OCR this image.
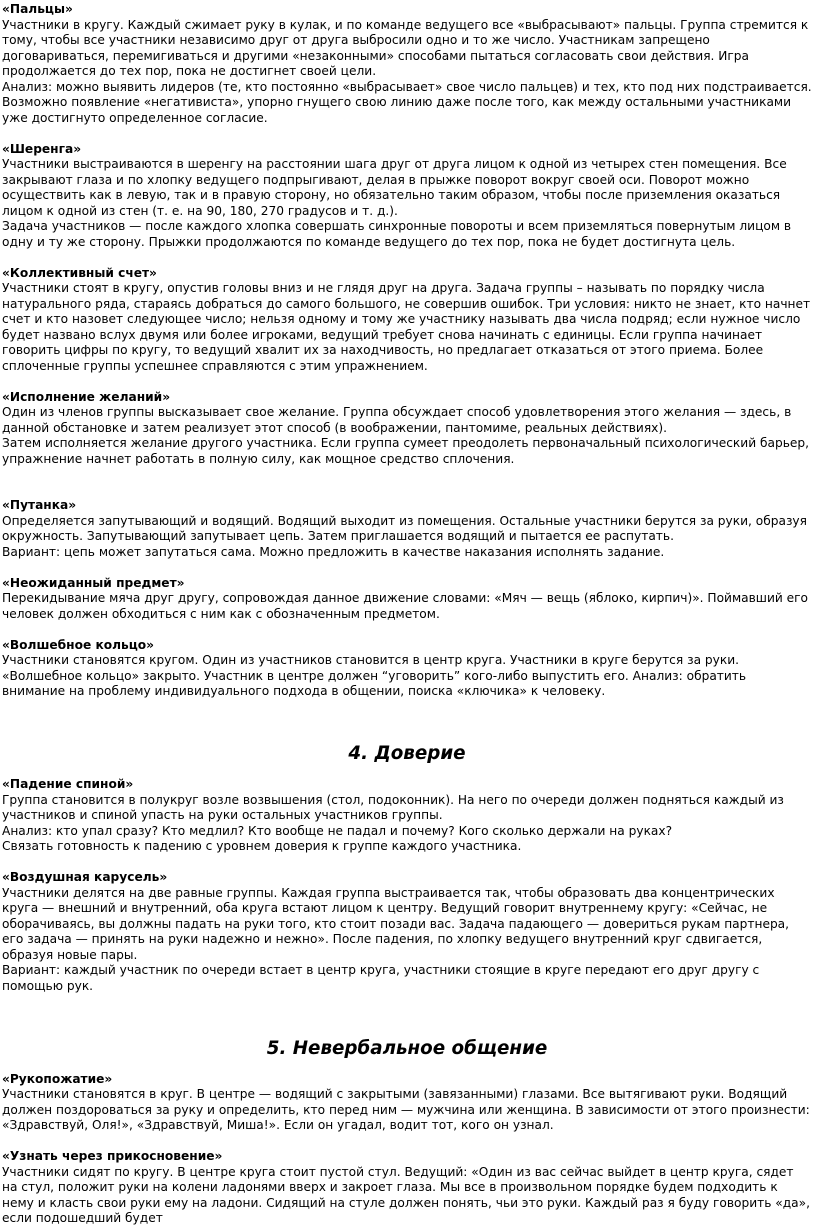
«Пальцы»

Участники в кругу. Каждый сжимает руку в кулак, и по команде ведущего все «выбрасывают» пальцы. Группа стремится к тому, чтобы все участники независимо друг от друга выбросили одно и то же число. Участникам запрещено договариваться, перемигиваться и другими «незаконными» способами пытаться согласовать свои действия. Игра продолжается до тех пор, пока не достигнет своей цели.

Анализ: можно выявить лидеров (те, кто постоянно «выбрасывает» свое число пальцев) и тех, кто под них подстраивается. Возможно появление «негативиста», упорно гнущего свою линию даже после того, как между остальными участниками уже достигнуто определенное согласие.

«Шеренга»

Участники выстраиваются в шеренгу на расстоянии шага друг от друга лицом к одной из четырех стен помещения. Все закрывают глаза и по хлопку ведущего подпрыгивают, делая в прыжке поворот вокруг своей оси. Поворот можно осуществить как в левую, так и в правую сторону, но обязательно таким образом, чтобы после приземления оказаться лицом к одной из стен (т. е. на 90, 180, 270 градусов и т. д.).

Задача участников — после каждого хлопка совершать синхронные повороты и всем приземляться повернутым лицом в одну и ту же сторону. Прыжки продолжаются по команде ведущего до тех пор, пока не будет достигнута цель.

«Коллективный счет»

Участники стоят в кругу, опустив головы вниз и не глядя друг на друга. Задача группы – называть по порядку числа натурального ряда, стараясь добраться до самого большого, не совершив ошибок. Три условия: никто не знает, кто начнет счет и кто назовет следующее число; нельзя одному и тому же участнику называть два числа подряд; если нужное число будет названо вслух двумя или более игроками, ведущий требует снова начинать с единицы. Если группа начинает говорить цифры по кругу, то ведущий хвалит их за находчивость, но предлагает отказаться от этого приема. Более сплоченные группы успешнее справляются с этим упражнением.

«Исполнение желаний»

Один из членов группы высказывает свое желание. Группа обсуждает способ удовлетворения этого желания — здесь, в данной обстановке и затем реализует этот способ (в воображении, пантомиме, реальных действиях).

Затем исполняется желание другого участника. Если группа сумеет преодолеть первоначальный психологический барьер, упражнение начнет работать в полную силу, как мощное средство сплочения.

«Путанка»

Определяется запутывающий и водящий. Водящий выходит из помещения. Остальные участники берутся за руки, образуя окружность. Запутывающий запутывает цепь. Затем приглашается водящий и пытается ее распутать.

Вариант: цепь может запутаться сама. Можно предложить в качестве наказания исполнять задание.

«Неожиданный предмет»

Перекидывание мяча друг другу, сопровождая данное движение словами: «Мяч — вещь (яблоко, кирпич)». Поймавший его человек должен обходиться с ним как с обозначенным предметом.

«Волшебное кольцо»

Участники становятся кругом. Один из участников становится в центр круга. Участники в круге берутся за руки. «Волшебное кольцо» закрыто. Участник в центре должен “уговорить” кого-либо выпустить его. Анализ: обратить внимание на проблему индивидуального подхода в общении, поиска «ключика» к человеку.

4. Доверие
«Падение спиной»

Группа становится в полукруг возле возвышения (стол, подоконник). На него по очереди должен подняться каждый из участников и спиной упасть на руки остальных участников группы.

Анализ: кто упал сразу? Кто медлил? Кто вообще не падал и почему? Кого сколько держали на руках?

Связать готовность к падению с уровнем доверия к группе каждого участника.

«Воздушная карусель»

Участники делятся на две равные группы. Каждая группа выстраивается так, чтобы образовать два концентрических круга — внешний и внутренний, оба круга встают лицом к центру. Ведущий говорит внутреннему кругу: «Сейчас, не оборачиваясь, вы должны падать на руки того, кто стоит позади вас. Задача падающего — довериться рукам партнера, его задача — принять на руки надежно и нежно». После падения, по хлопку ведущего внутренний круг сдвигается, образуя новые пары.

Вариант: каждый участник по очереди встает в центр круга, участники стоящие в круге передают его друг другу с помощью рук.

5. Невербальное общение
«Рукопожатие»

Участники становятся в круг. В центре — водящий с закрытыми (завязанными) глазами. Все вытягивают руки. Водящий должен поздороваться за руку и определить, кто перед ним — мужчина или женщина. В зависимости от этого произнести: «Здравствуй, Оля!», «Здравствуй, Миша!». Если он угадал, водит тот, кого он узнал.

«Узнать через прикосновение»

Участники сидят по кругу. В центре круга стоит пустой стул. Ведущий: «Один из вас сейчас выйдет в центр круга, сядет на стул, положит руки на колени ладонями вверх и закроет глаза. Мы все в произвольном порядке будем подходить к нему и класть свои руки ему на ладони. Сидящий на стуле должен понять, чьи это руки. Каждый раз я буду говорить «да», если подошедший будет
